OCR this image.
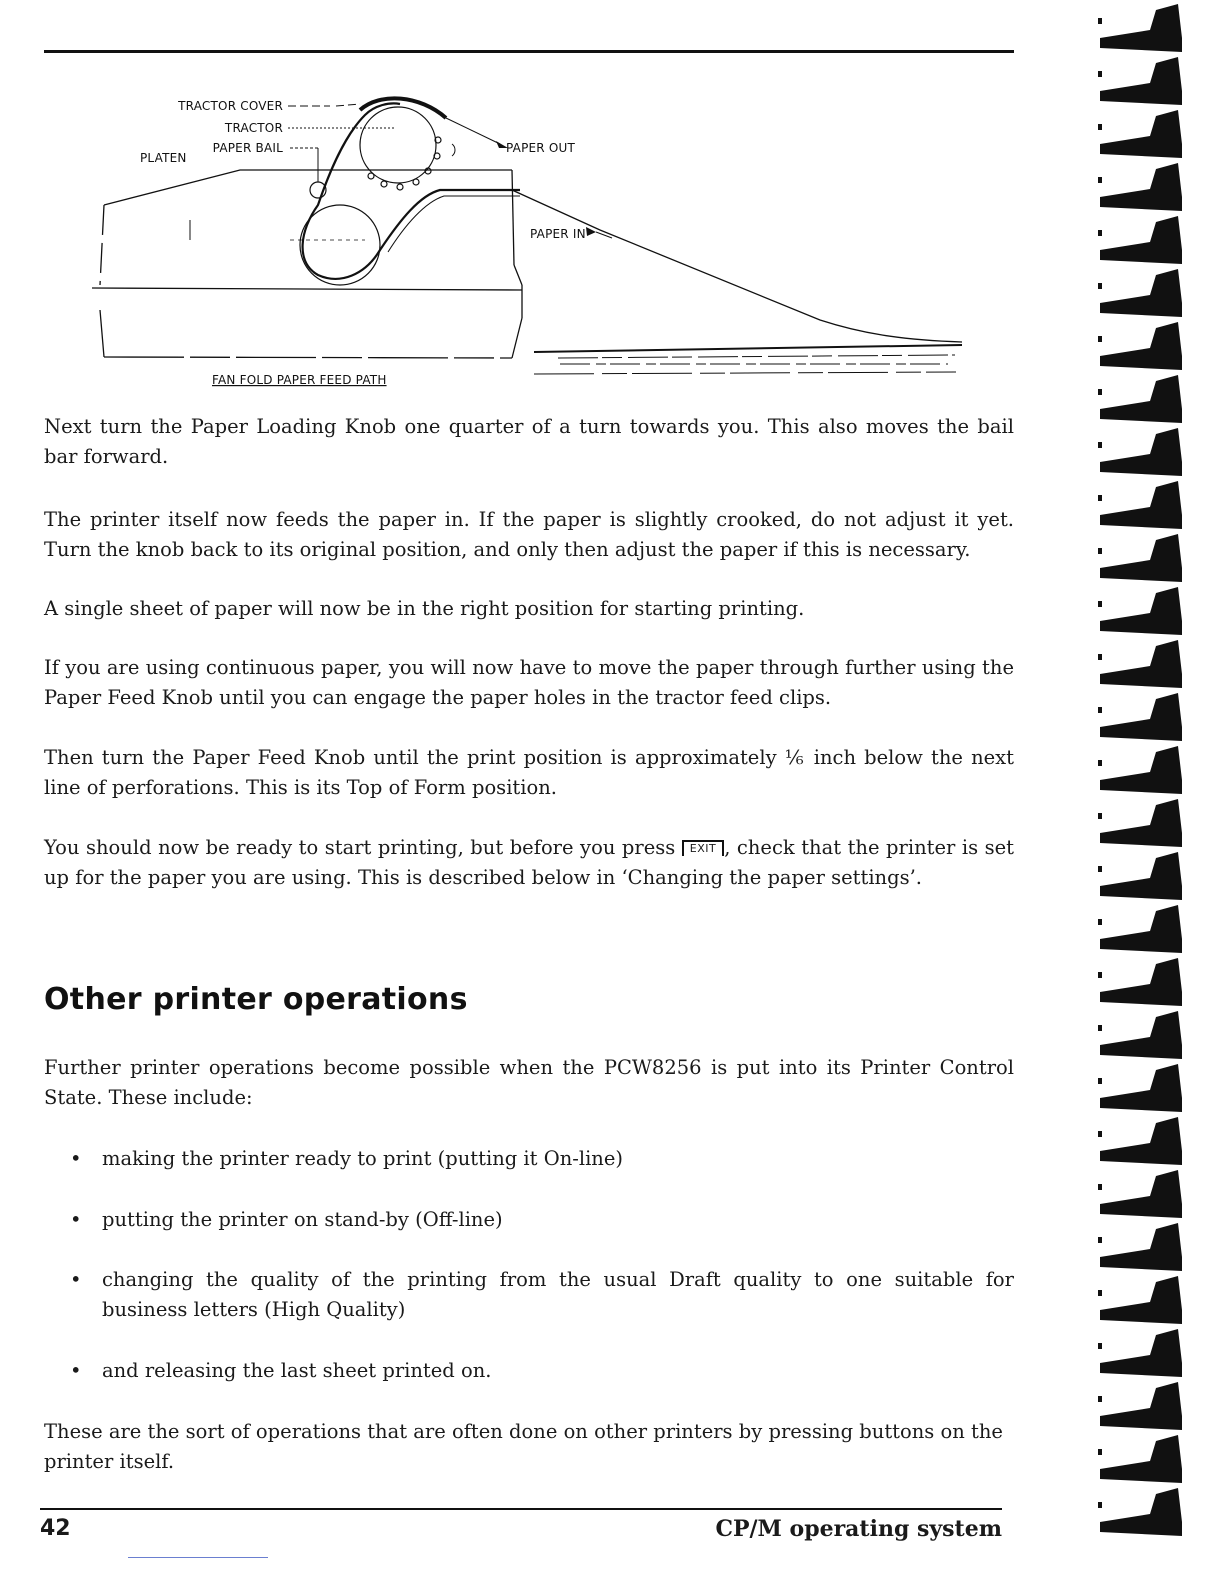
TRACTOR COVER
TRACTOR
PAPER BAIL
PLATEN
PAPER OUT
PAPER IN
FAN FOLD PAPER FEED PATH

Next turn the Paper Loading Knob one quarter of a turn towards you. This also moves the bail bar forward.

The printer itself now feeds the paper in. If the paper is slightly crooked, do not adjust it yet. Turn the knob back to its original position, and only then adjust the paper if this is necessary.

A single sheet of paper will now be in the right position for starting printing.

If you are using continuous paper, you will now have to move the paper through further using the Paper Feed Knob until you can engage the paper holes in the tractor feed clips.

Then turn the Paper Feed Knob until the print position is approximately ⅙ inch below the next line of perforations. This is its Top of Form position.

You should now be ready to start printing, but before you press EXIT , check that the printer is set up for the paper you are using. This is described below in ‘Changing the paper settings’.

Other printer operations

Further printer operations become possible when the PCW8256 is put into its Printer Control State. These include:

• making the printer ready to print (putting it On-line)
• putting the printer on stand-by (Off-line)
• changing the quality of the printing from the usual Draft quality to one suitable for business letters (High Quality)
• and releasing the last sheet printed on.

These are the sort of operations that are often done on other printers by pressing buttons on the printer itself.

42	CP/M operating system
